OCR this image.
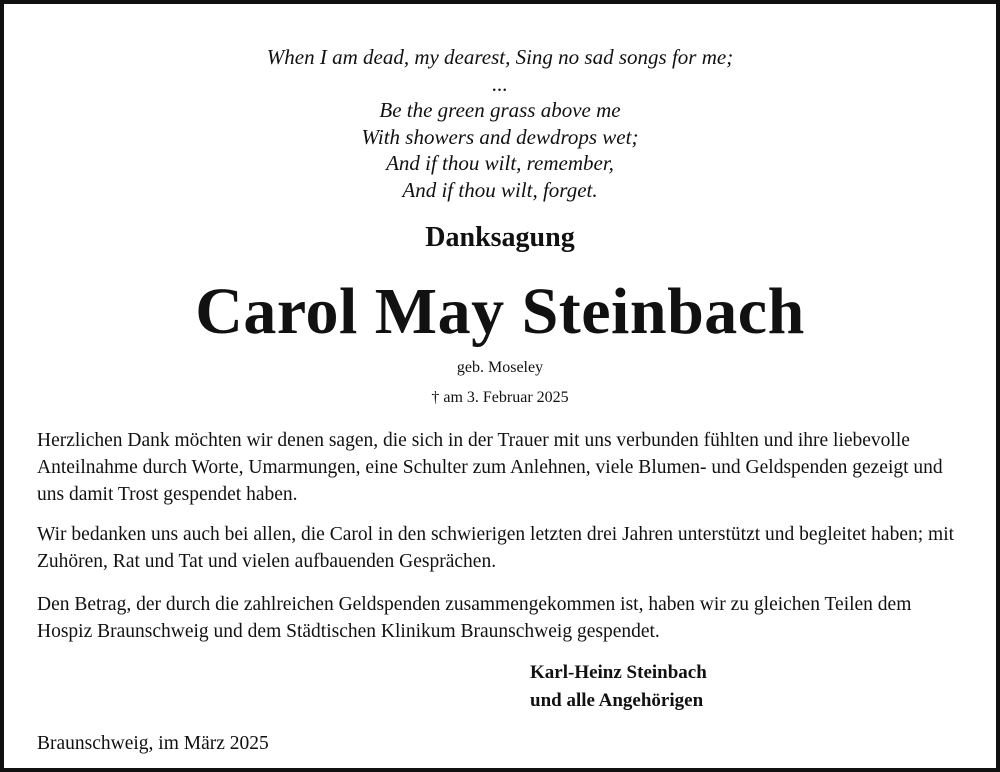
When I am dead, my dearest, Sing no sad songs for me;
...
Be the green grass above me
With showers and dewdrops wet;
And if thou wilt, remember,
And if thou wilt, forget.
Danksagung
Carol May Steinbach
geb. Moseley
† am 3. Februar 2025

Herzlichen Dank möchten wir denen sagen, die sich in der Trauer mit uns verbunden fühlten und ihre liebevolle Anteilnahme durch Worte, Umarmungen, eine Schulter zum Anlehnen, viele Blumen- und Geldspenden gezeigt und uns damit Trost gespendet haben.

Wir bedanken uns auch bei allen, die Carol in den schwierigen letzten drei Jahren unterstützt und begleitet haben; mit Zuhören, Rat und Tat und vielen aufbauenden Gesprächen.

Den Betrag, der durch die zahlreichen Geldspenden zusammengekommen ist, haben wir zu gleichen Teilen dem Hospiz Braunschweig und dem Städtischen Klinikum Braunschweig gespendet.

Karl-Heinz Steinbach
und alle Angehörigen
Braunschweig, im März 2025
